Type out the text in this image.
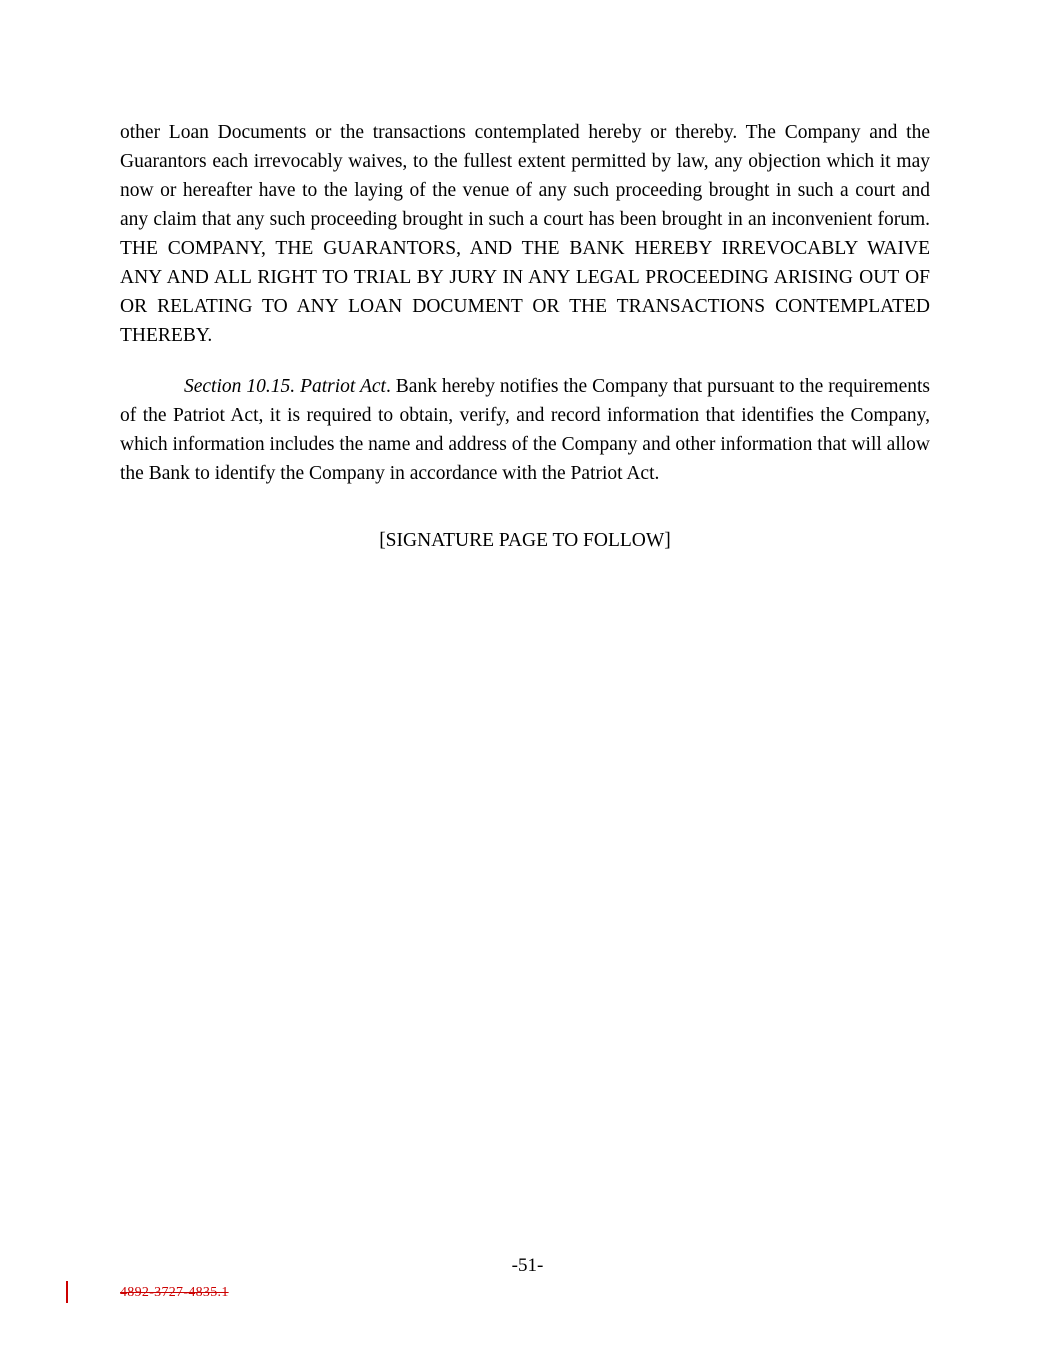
other Loan Documents or the transactions contemplated hereby or thereby. The Company and the Guarantors each irrevocably waives, to the fullest extent permitted by law, any objection which it may now or hereafter have to the laying of the venue of any such proceeding brought in such a court and any claim that any such proceeding brought in such a court has been brought in an inconvenient forum. THE COMPANY, THE GUARANTORS, AND THE BANK HEREBY IRREVOCABLY WAIVE ANY AND ALL RIGHT TO TRIAL BY JURY IN ANY LEGAL PROCEEDING ARISING OUT OF OR RELATING TO ANY LOAN DOCUMENT OR THE TRANSACTIONS CONTEMPLATED THEREBY.

Section 10.15. Patriot Act. Bank hereby notifies the Company that pursuant to the requirements of the Patriot Act, it is required to obtain, verify, and record information that identifies the Company, which information includes the name and address of the Company and other information that will allow the Bank to identify the Company in accordance with the Patriot Act.

[SIGNATURE PAGE TO FOLLOW]

-51-
4892-3727-4835.1
